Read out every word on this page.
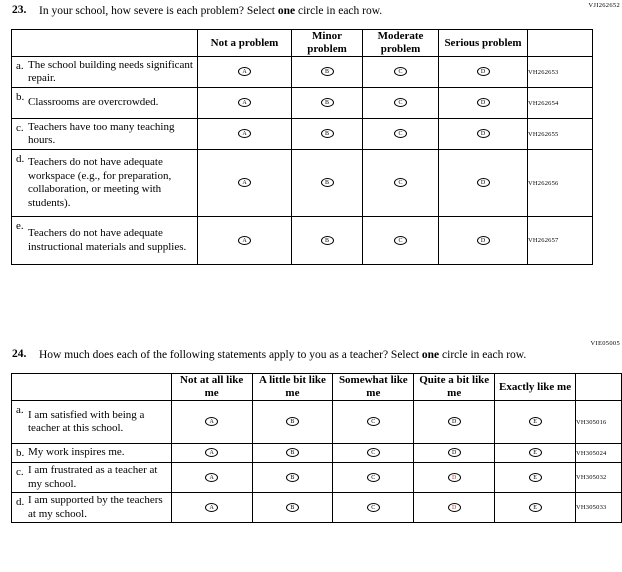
VJI262652
23. In your school, how severe is each problem? Select one circle in each row.
	Not a problem	Minor problem	Moderate problem	Serious problem	

a. The school building needs significant repair.	A	B	C	D	VH262653

b. Classrooms are overcrowded.	A	B	C	D	VH262654

c. Teachers have too many teaching hours.	A	B	C	D	VH262655

d. Teachers do not have adequate workspace (e.g., for preparation, collaboration, or meeting with students).	A	B	C	D	VH262656

e.
Teachers do not have adequate instructional materials and supplies.	A	B	C	D	VH262657
VIE05005
24. How much does each of the following statements apply to you as a teacher? Select one circle in each row.
	Not at all like me	A little bit like me	Somewhat like me	Quite a bit like me	Exactly like me	

a. I am satisfied with being a teacher at this school.	A	B	C	D	E	VH305016

b. My work inspires me.	A	B	C	D	E	VH305024

c. I am frustrated as a teacher at my school.	A	B	C	D	E	VH305032

d. I am supported by the teachers at my school.	A	B	C	D	E	VH305033
